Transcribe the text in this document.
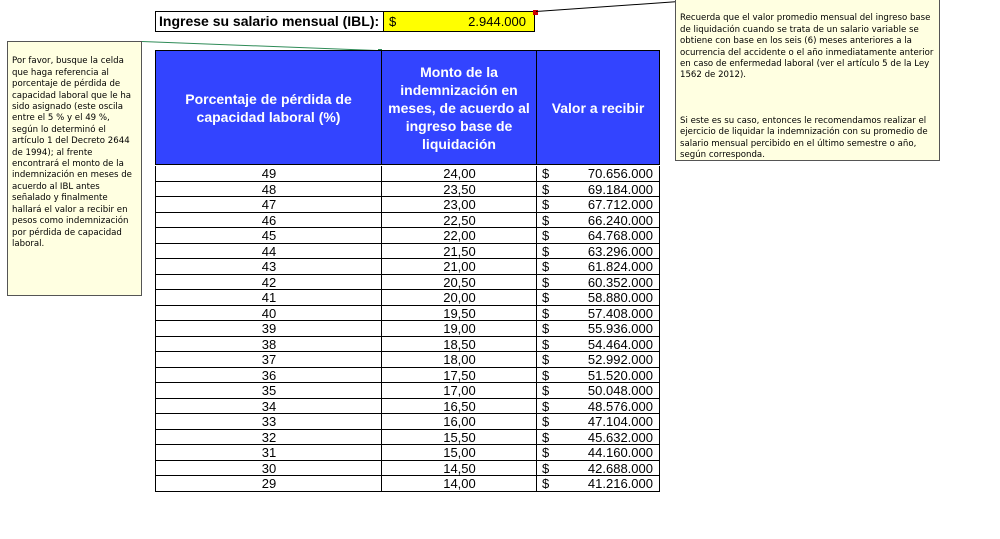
Ingrese su salario mensual (IBL): $	2.944.000

Por favor, busque la celda que haga referencia al porcentaje de pérdida de capacidad laboral que le ha sido asignado (este oscila entre el 5 % y el 49 %, según lo determinó el artículo 1 del Decreto 2644 de 1994); al frente encontrará el monto de la indemnización en meses de acuerdo al IBL antes señalado y finalmente hallará el valor a recibir en pesos como indemnización por pérdida de capacidad laboral.

Recuerda que el valor promedio mensual del ingreso base de liquidación cuando se trata de un salario variable se obtiene con base en los seis (6) meses anteriores a la ocurrencia del accidente o el año inmediatamente anterior en caso de enfermedad laboral (ver el artículo 5 de la Ley 1562 de 2012).

Si este es su caso, entonces le recomendamos realizar el ejercicio de liquidar la indemnización con su promedio de salario mensual percibido en el último semestre o año, según corresponda.

Porcentaje de pérdida de capacidad laboral (%)
Monto de la indemnización en meses, de acuerdo al ingreso base de liquidación
Valor a recibir
49	24,00	$	70.656.000
48	23,50	$	69.184.000
47	23,00	$	67.712.000
46	22,50	$	66.240.000
45	22,00	$	64.768.000
44	21,50	$	63.296.000
43	21,00	$	61.824.000
42	20,50	$	60.352.000
41	20,00	$	58.880.000
40	19,50	$	57.408.000
39	19,00	$	55.936.000
38	18,50	$	54.464.000
37	18,00	$	52.992.000
36	17,50	$	51.520.000
35	17,00	$	50.048.000
34	16,50	$	48.576.000
33	16,00	$	47.104.000
32	15,50	$	45.632.000
31	15,00	$	44.160.000
30	14,50	$	42.688.000
29	14,00	$	41.216.000
